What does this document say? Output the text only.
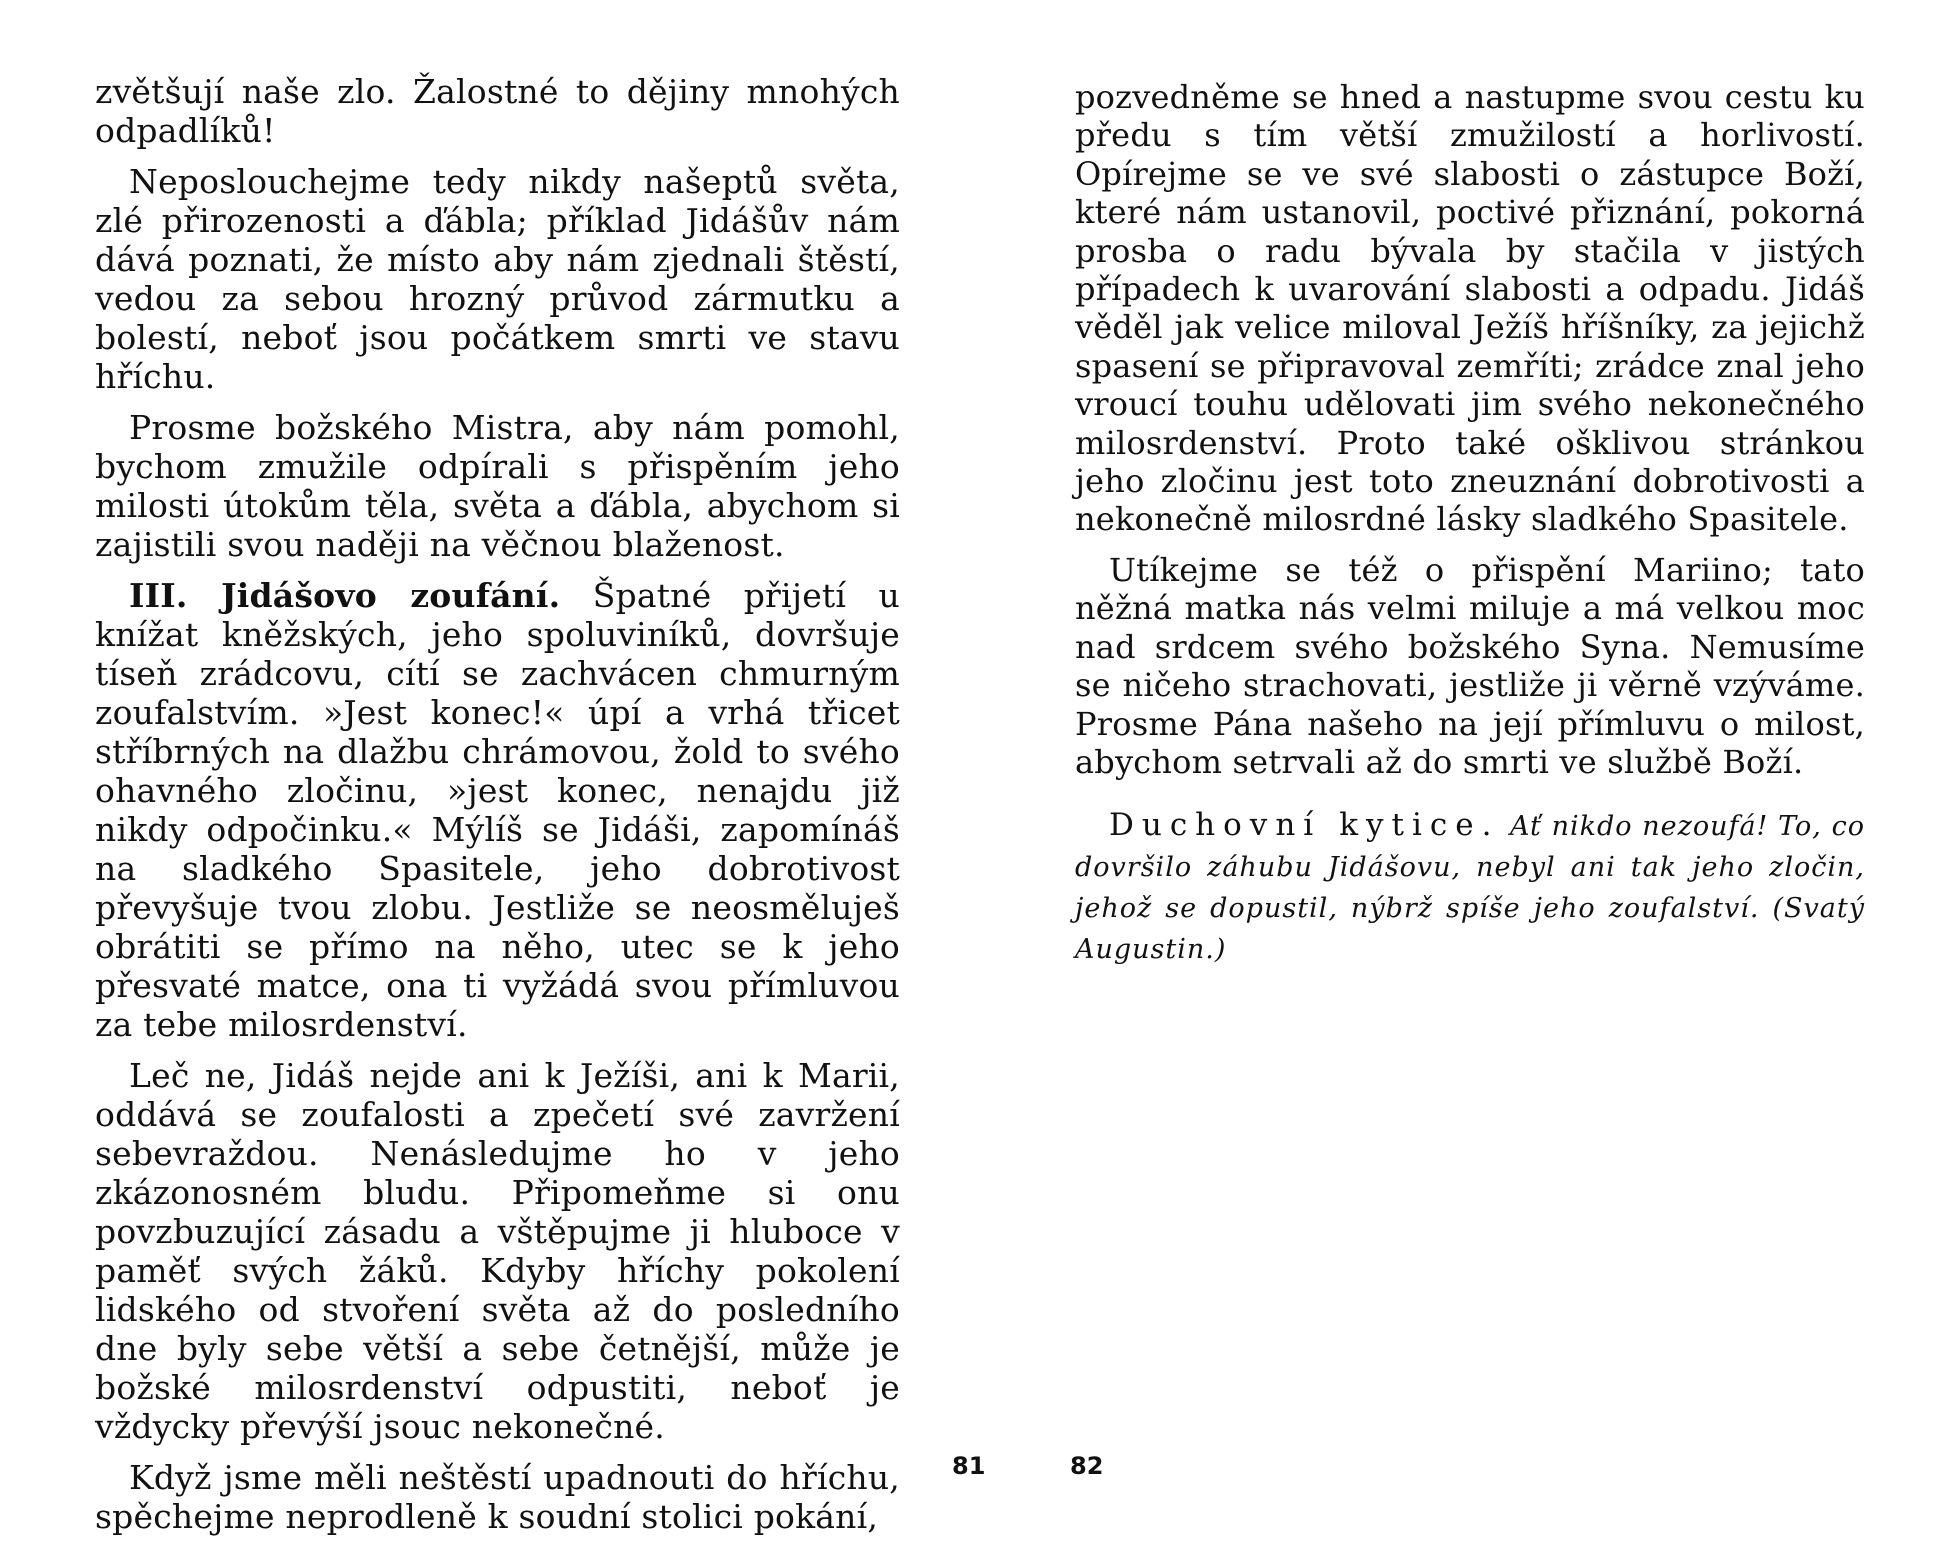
zvětšují naše zlo. Žalostné to dějiny mnohých odpadlíků!

Neposlouchejme tedy nikdy našeptů světa, zlé přirozenosti a ďábla; příklad Jidášův nám dává poznati, že místo aby nám zjednali štěstí, vedou za sebou hrozný průvod zármutku a bolestí, neboť jsou počátkem smrti ve stavu hříchu.

Prosme božského Mistra, aby nám pomohl, bychom zmužile odpírali s přispěním jeho milosti útokům těla, světa a ďábla, abychom si zajistili svou naději na věčnou blaženost.

III. Jidášovo zoufání. Špatné přijetí u knížat kněžských, jeho spoluviníků, dovršuje tíseň zrádcovu, cítí se zachvácen chmurným zoufalstvím. »Jest konec!« úpí a vrhá třicet stříbrných na dlažbu chrámovou, žold to svého ohavného zločinu, »jest konec, nenajdu již nikdy odpočinku.« Mýlíš se Jidáši, zapomínáš na sladkého Spasitele, jeho dobrotivost převyšuje tvou zlobu. Jestliže se neosměluješ obrátiti se přímo na něho, utec se k jeho přesvaté matce, ona ti vyžádá svou přímluvou za tebe milosrdenství.

Leč ne, Jidáš nejde ani k Ježíši, ani k Marii, oddává se zoufalosti a zpečetí své zavržení sebevraždou. Nenásledujme ho v jeho zkázonosném bludu. Připomeňme si onu povzbuzující zásadu a vštěpujme ji hluboce v paměť svých žáků. Kdyby hříchy pokolení lidského od stvoření světa až do posledního dne byly sebe větší a sebe četnější, může je božské milosrdenství odpustiti, neboť je vždycky převýší jsouc nekonečné.

Když jsme měli neštěstí upadnouti do hříchu, spěchejme neprodleně k soudní stolici pokání,

81

pozvedněme se hned a nastupme svou cestu ku předu s tím větší zmužilostí a horlivostí. Opírejme se ve své slabosti o zástupce Boží, které nám ustanovil, poctivé přiznání, pokorná prosba o radu bývala by stačila v jistých případech k uvarování slabosti a odpadu. Jidáš věděl jak velice miloval Ježíš hříšníky, za jejichž spasení se připravoval zemříti; zrádce znal jeho vroucí touhu udělovati jim svého nekonečného milosrdenství. Proto také ošklivou stránkou jeho zločinu jest toto zneuznání dobrotivosti a nekonečně milosrdné lásky sladkého Spasitele.

Utíkejme se též o přispění Mariino; tato něžná matka nás velmi miluje a má velkou moc nad srdcem svého božského Syna. Nemusíme se ničeho strachovati, jestliže ji věrně vzýváme. Prosme Pána našeho na její přímluvu o milost, abychom setrvali až do smrti ve službě Boží.

Duchovní kytice. Ať nikdo nezoufá! To, co dovršilo záhubu Jidášovu, nebyl ani tak jeho zločin, jehož se dopustil, nýbrž spíše jeho zoufalství. (Svatý Augustin.)

82
